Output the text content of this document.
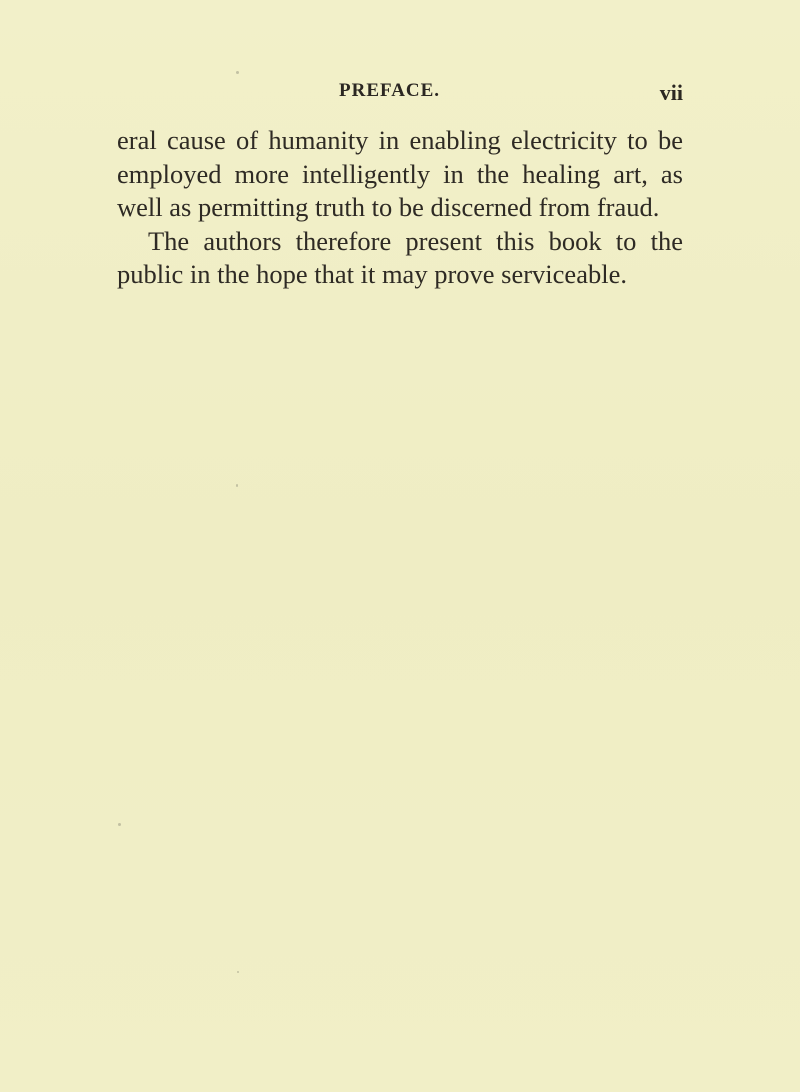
PREFACE.	vii

eral cause of humanity in enabling electricity to be employed more intelligently in the healing art, as well as permitting truth to be discerned from fraud.

The authors therefore present this book to the public in the hope that it may prove serviceable.
